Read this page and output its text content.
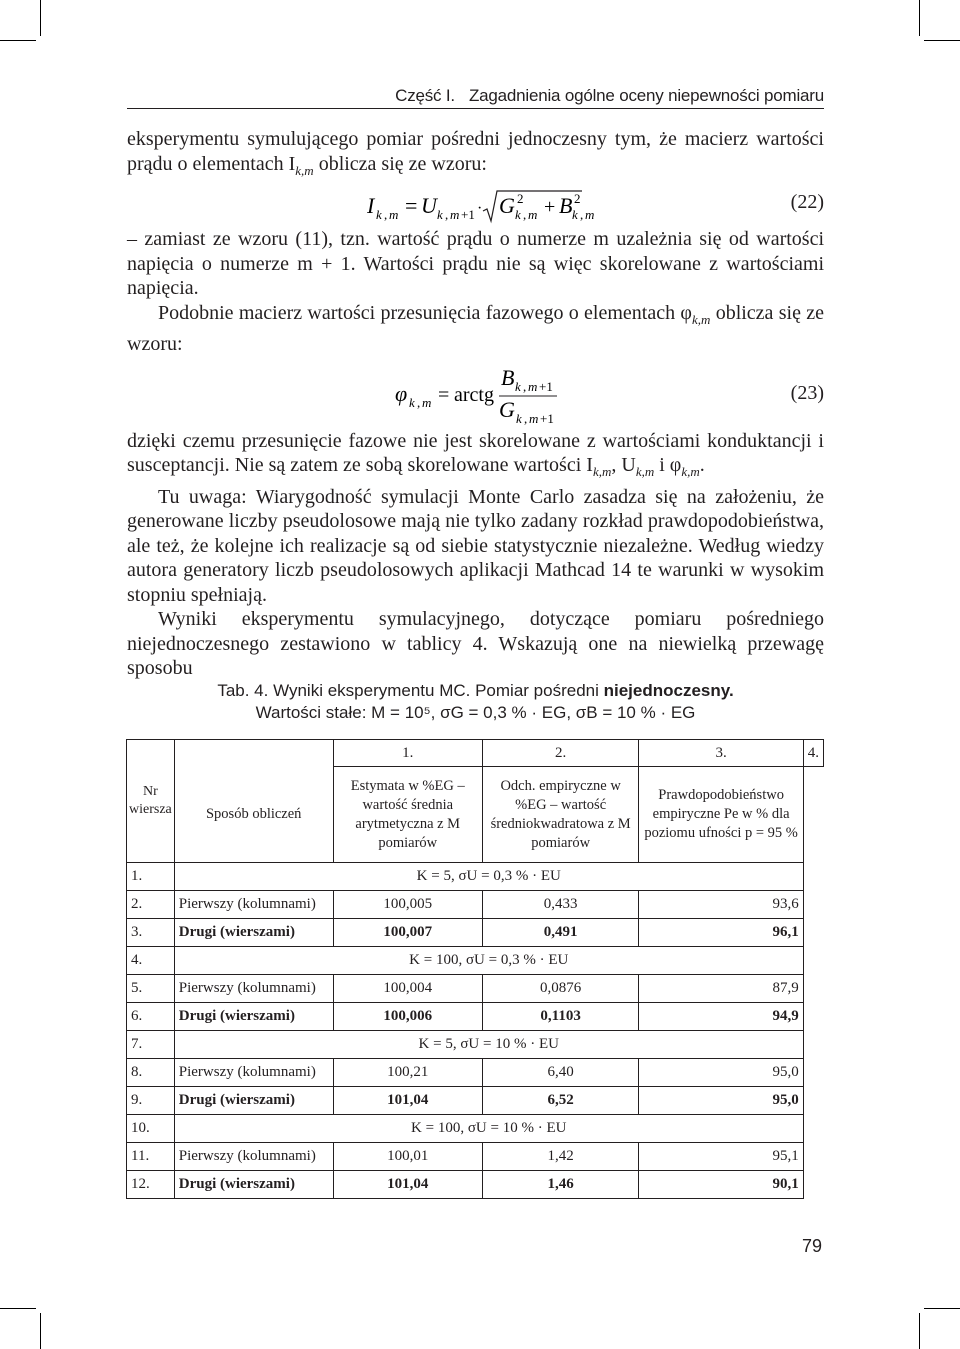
Część I. Zagadnienia ogólne oceny niepewności pomiaru

eksperymentu symulującego pomiar pośredni jednoczesny tym, że macierz wartości prądu o elementach $I_{k,m}$ oblicza się ze wzoru:

I k , m = U k , m +1 · G 2
k , m + B 2
k , m
(22)

– zamiast ze wzoru (11), tzn. wartość prądu o numerze m uzależnia się od wartości napięcia o numerze m + 1. Wartości prądu nie są więc skorelowane z wartościami napięcia.

Podobnie macierz wartości przesunięcia fazowego o elementach $\varphi_{k,m}$ oblicza się ze wzoru:

φ k , m = arctg
B k , m +1
G k , m +1
(23)

dzięki czemu przesunięcie fazowe nie jest skorelowane z wartościami konduktancji i susceptancji. Nie są zatem ze sobą skorelowane wartości $I_{k,m}$, $U_{k,m}$ i $\varphi_{k,m}$.

Tu uwaga: Wiarygodność symulacji Monte Carlo zasadza się na założeniu, że generowane liczby pseudolosowe mają nie tylko zadany rozkład prawdopodobieństwa, ale też, że kolejne ich realizacje są od siebie statystycznie niezależne. Według wiedzy autora generatory liczb pseudolosowych aplikacji Mathcad 14 te warunki w wysokim stopniu spełniają.

Wyniki eksperymentu symulacyjnego, dotyczące pomiaru pośredniego niejednoczesnego zestawiono w tablicy 4. Wskazują one na niewielką przewagę sposobu

Tab. 4. Wyniki eksperymentu MC. Pomiar pośredni niejednoczesny.
Wartości stałe: M = 10⁵, σG = 0,3 % · EG, σB = 10 % · EG
Nr wiersza		1.	2.	3.	4.
	Sposób obliczeń	Estymata w %EG – wartość średnia arytmetyczna z M pomiarów	Odch. empiryczne w %EG – wartość średniokwadratowa z M pomiarów	Prawdopodobieństwo empiryczne Pe w % dla poziomu ufności p = 95 %	
1.	K = 5, σU = 0,3 % · EU				
2.	Pierwszy (kolumnami)	100,005	0,433	93,6	
3.	Drugi (wierszami)	100,007	0,491	96,1	
4.	K = 100, σU = 0,3 % · EU				
5.	Pierwszy (kolumnami)	100,004	0,0876	87,9	
6.	Drugi (wierszami)	100,006	0,1103	94,9	
7.	K = 5, σU = 10 % · EU				
8.	Pierwszy (kolumnami)	100,21	6,40	95,0	
9.	Drugi (wierszami)	101,04	6,52	95,0	
10.	K = 100, σU = 10 % · EU				
11.	Pierwszy (kolumnami)	100,01	1,42	95,1	
12.	Drugi (wierszami)	101,04	1,46	90,1	
79
